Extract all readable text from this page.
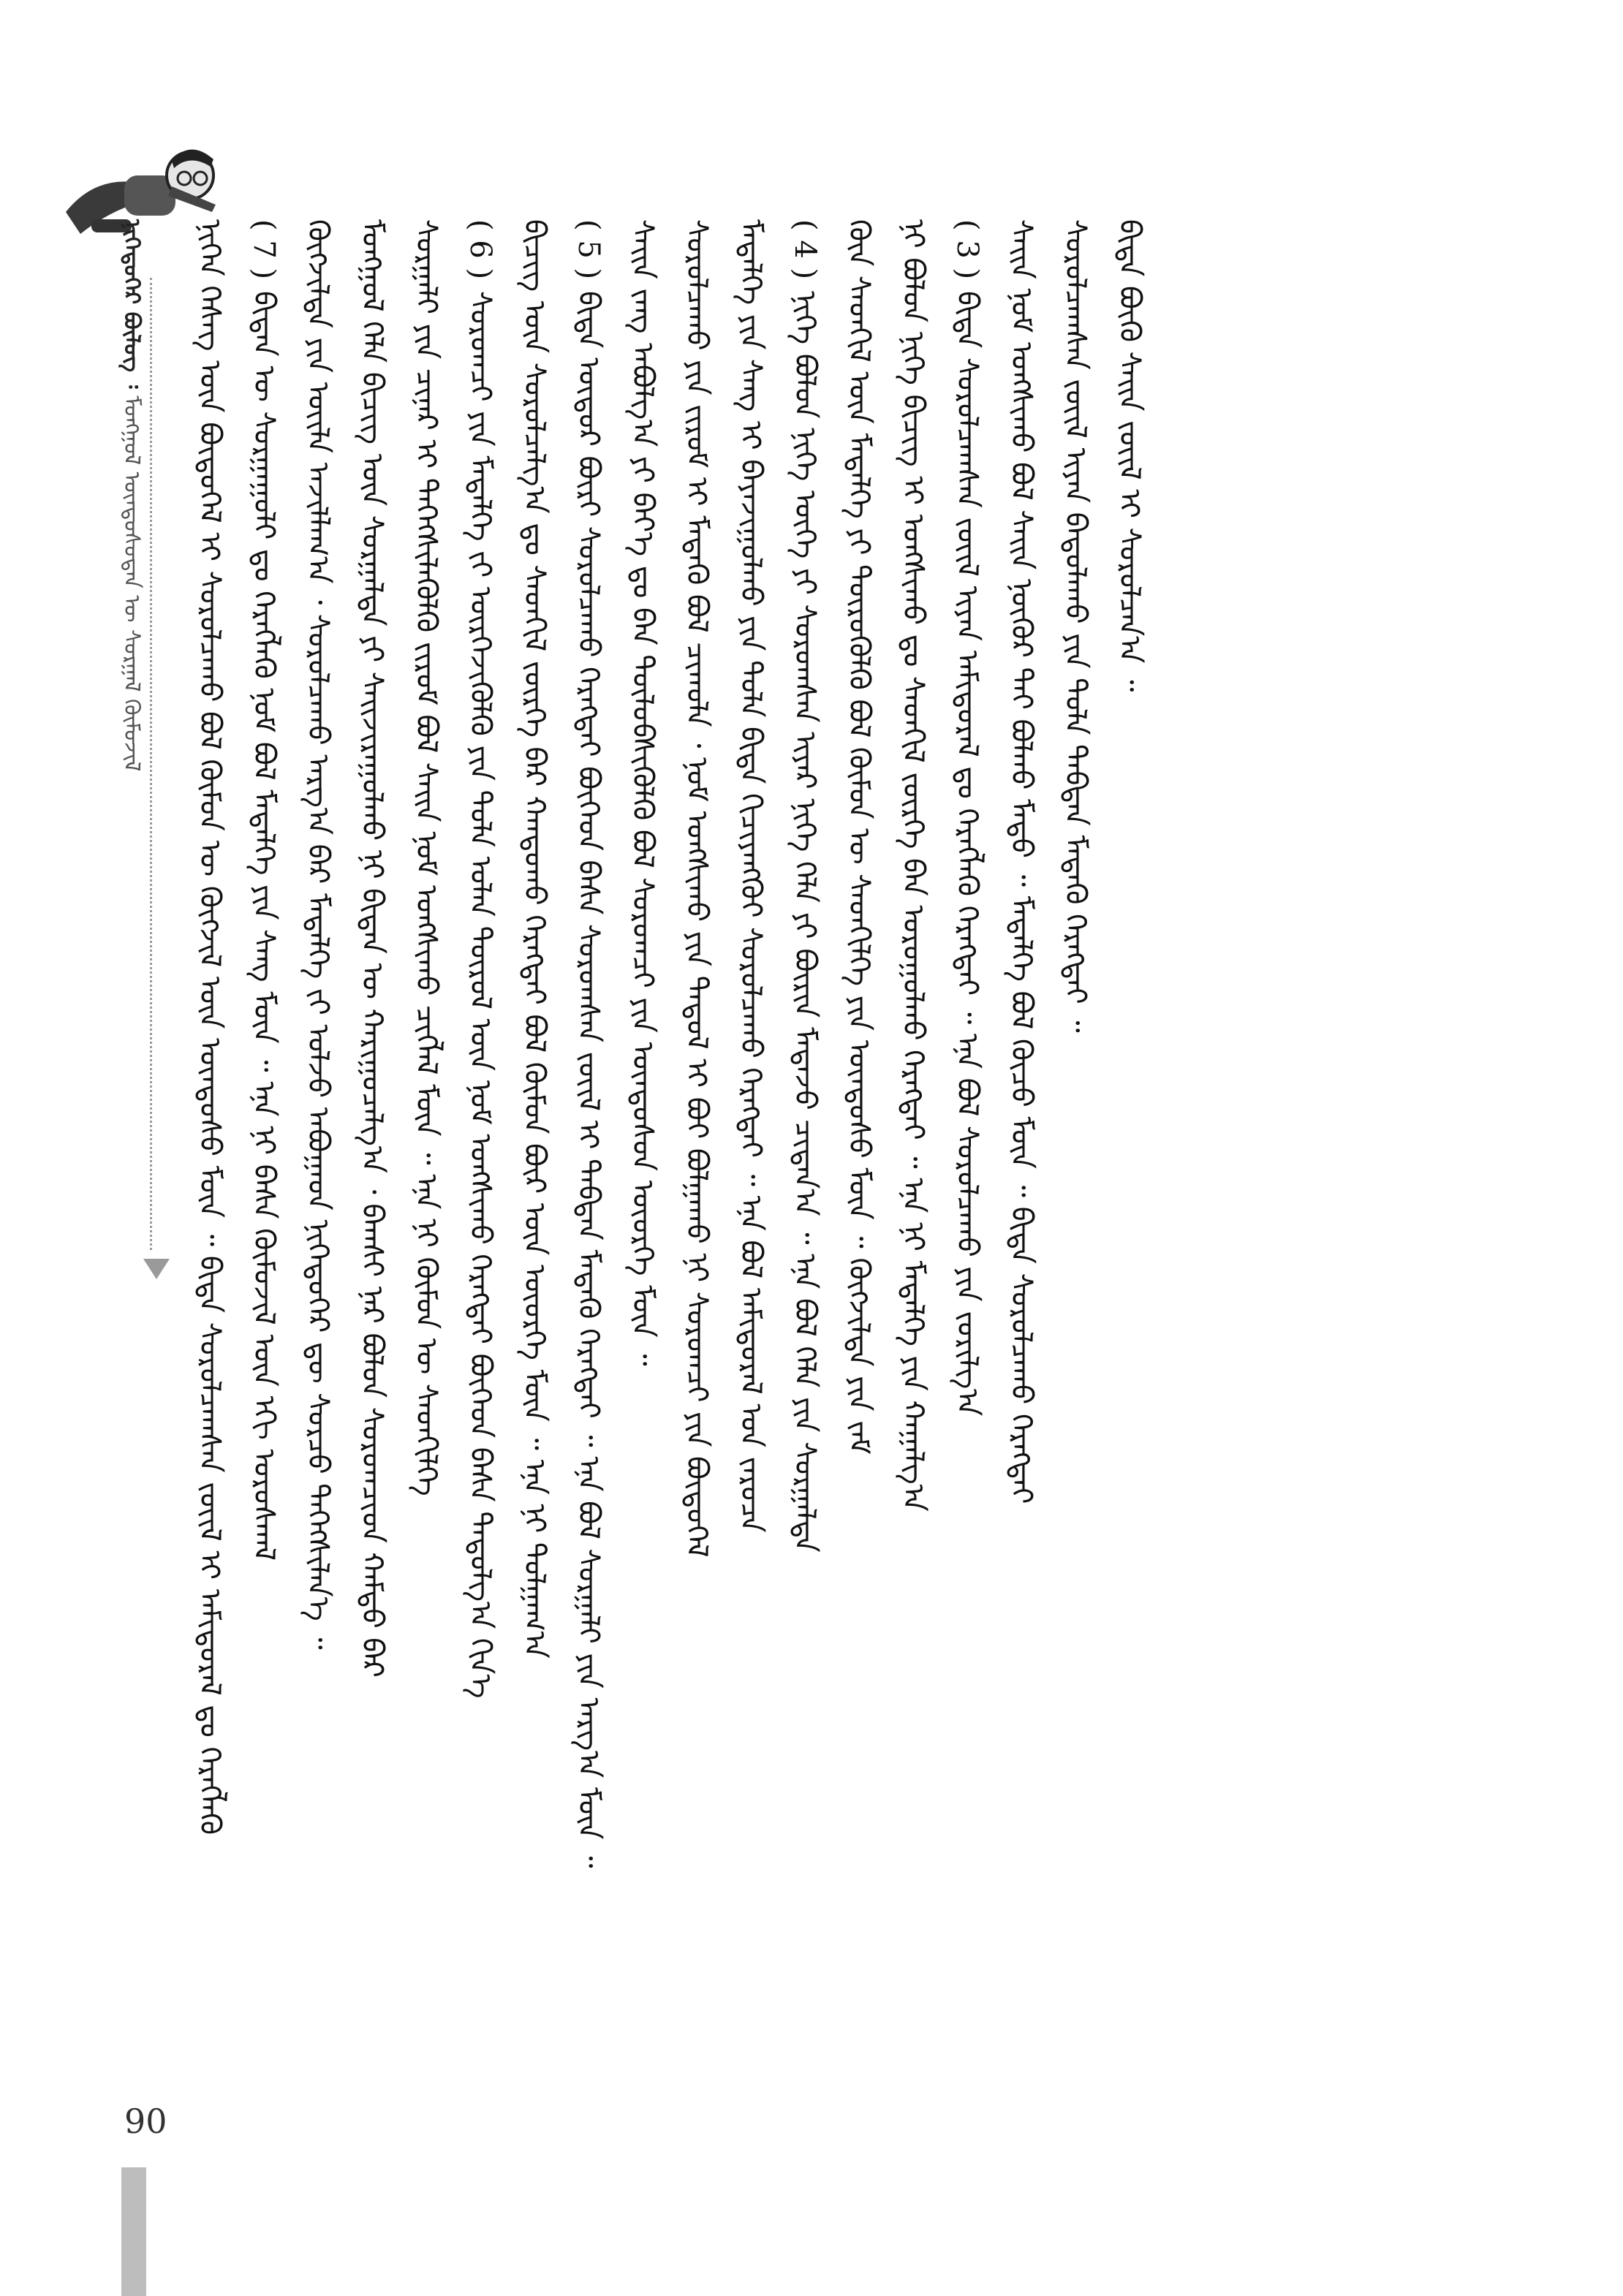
ᠨᠢᠭᠡᠳᠦᠭᠡᠷ ᠪᠦᠯᠦᠭ ᠄ ᠮᠣᠩᠭᠣᠯ ᠦᠨᠳᠦᠰᠦᠲᠡᠨ ᠦ ᠰᠤᠷᠭᠠᠯ ᠬᠦᠮᠦᠵᠢᠯ	ᠨᠢᠭᠡᠨ ᠬᠡᠰᠡᠭ ᠦᠨ ᠪᠦᠲᠦᠭᠡᠯ ᠢ ᠰᠤᠷᠤᠯᠴᠠᠬᠤ ᠪᠣᠯ ᠬᠦᠮᠦᠨ ᠦ ᠬᠥᠭᠵᠢᠯ ᠦᠨ ᠦᠨᠳᠦᠰᠦ ᠮᠥᠨ ᠃ ᠪᠢᠳᠡ ᠰᠤᠷᠤᠯᠴᠠᠭᠰᠠᠨ ᠵᠦᠢᠯ ᠢ ᠠᠮᠢᠳᠤᠷᠠᠯ ᠳᠤ ᠬᠡᠷᠡᠭᠯᠡᠬᠦ ( 7 )ᠪᠢᠳᠡᠨ ᠦ ᠰᠤᠷᠭᠠᠭᠤᠯᠢ ᠳᠤ ᠬᠡᠷᠡᠭᠯᠡᠬᠦ ᠨᠣᠮ ᠪᠤᠯ ᠮᠡᠳᠡᠯᠭᠡ ᠶᠢᠨ ᠰᠠᠩ ᠮᠥᠨ ᠃ ᠡᠨᠡ ᠨᠢ ᠪᠠᠰᠠ ᠬᠦᠮᠦᠵᠢᠯ ᠦᠨ ᠡᠬᠢ ᠤᠷᠤᠰᠬᠠᠯ ᠬᠥᠭᠵᠢᠯᠲᠡ ᠶᠢᠨ ᠦᠢᠯᠡ ᠠᠵᠢᠯᠯᠠᠭ᠎ᠠ ᠂ ᠰᠤᠷᠤᠯᠴᠠᠬᠤ ᠠᠷᠭ᠎ᠠ ᠪᠠᠷ ᠮᠡᠳᠡᠯᠭᠡ ᠵᠢ ᠣᠯᠵᠤ ᠠᠪᠤᠭᠠᠳ ᠨᠢᠭᠡᠳᠦᠭᠡᠷ ᠳᠦ ᠰᠤᠷᠴᠤ ᠳᠡᠭᠡᠭᠰᠢᠯᠡᠨ᠎ᠡ ᠃ ᠮᠣᠩᠭᠣᠯ ᠬᠡᠯᠡ ᠪᠢᠴᠢᠭ ᠦᠨ ᠰᠤᠷᠭᠠᠯᠲᠠ ᠶᠢ ᠰᠠᠢᠵᠢᠷᠠᠭᠤᠯᠬᠤ ᠨᠢ ᠪᠢᠳᠡᠨ ᠦ ᠬᠠᠷᠢᠭᠤᠴᠠᠯᠭ᠎ᠠ ᠂ ᠪᠠᠭᠰᠢ ᠨᠠᠷ ᠪᠣᠯᠤᠨ ᠰᠤᠷᠤᠭᠴᠢᠳ ᠬᠠᠮᠲᠤ ᠪᠡᠷ ᠰᠤᠷᠭᠠᠯᠢ ᠶᠢᠨ ᠴᠢᠨᠠᠷ ᠢ ᠳᠡᠭᠡᠭᠰᠢᠯᠡᠭᠦᠯᠬᠦ ᠵᠢᠷᠤᠮ ᠪᠣᠯ ᠰᠠᠢᠨ ᠨᠣᠮ ᠤᠩᠰᠢᠬᠤ ᠴᠢᠭᠯᠡᠯ ᠮᠥᠨ ᠃ ᠡᠨᠡ ᠨᠢ ᠬᠦᠮᠦᠨ ᠦ ᠰᠡᠳᠬᠢᠯᠭᠡ ( 6 )ᠰᠤᠷᠤᠭᠴᠢ ᠶᠢᠨ ᠮᠡᠳᠡᠯᠭᠡ ᠵᠢ ᠥᠷᠭᠡᠵᠢᠭᠦᠯᠬᠦ ᠶᠢᠨ ᠲᠤᠯᠠ ᠣᠯᠠᠨ ᠲᠥᠷᠦᠯ ᠦᠨ ᠨᠣᠮ ᠤᠩᠰᠢᠬᠤ ᠬᠡᠷᠡᠭᠲᠡᠢ ᠪᠥᠭᠡᠳ ᠪᠠᠰᠠ ᠳᠠᠳᠤᠯᠭ᠎ᠠ ᠬᠢᠨ᠎ᠡ ᠪᠢᠴᠢᠭ ᠦᠨ ᠰᠤᠷᠤᠯᠴᠠᠯᠭ᠎ᠠ ᠳᠤ ᠰᠡᠳᠬᠢᠯ ᠵᠦᠷᠬᠡ ᠪᠡᠷ ᠬᠠᠨᠳᠤᠬᠤ ᠬᠡᠷᠡᠭᠲᠡᠢ ᠪᠣᠯ ᠬᠦᠮᠦᠨ ᠪᠦᠷ ᠦᠨ ᠦᠦᠷᠭᠡ ᠮᠥᠨ ᠃ ᠡᠨᠡ ᠨᠢ ᠲᠤᠯᠭᠠᠭ᠎ᠠ ( 5 )ᠪᠢᠳᠡ ᠥᠳᠥᠷ ᠪᠦᠷᠢ ᠰᠤᠷᠤᠯᠴᠠᠬᠤ ᠬᠡᠷᠡᠭᠲᠡᠢ ᠪᠥᠭᠡᠳ ᠪᠠᠰᠠ ᠰᠤᠷᠤᠭᠰᠠᠨ ᠵᠦᠢᠯ ᠢ ᠳᠠᠪᠲᠠᠨ ᠮᠡᠳᠡᠬᠦ ᠬᠡᠷᠡᠭᠲᠡᠢ ᠃ ᠡᠨᠡ ᠪᠣᠯ ᠰᠤᠷᠭᠠᠯᠢ ᠶᠢᠨ ᠠᠷᠭ᠎ᠠ ᠮᠥᠨ ᠃ ᠰᠠᠢᠨ ᠵᠠᠩ ᠠᠪᠤᠯᠭ᠎ᠠ ᠶᠢ ᠪᠡᠶ᠎ᠡ ᠳᠤ ᠪᠡᠨ ᠲᠥᠯᠥᠪᠰᠢᠭᠦᠯᠬᠦ ᠪᠣᠯ ᠰᠤᠷᠤᠭᠴᠢ ᠶᠢᠨ ᠦᠨᠳᠦᠰᠦᠨ ᠦᠦᠷᠭᠡ ᠮᠥᠨ ᠃ ᠰᠤᠷᠤᠯᠴᠠᠬᠤ ᠶᠢᠨ ᠵᠢᠷᠤᠮ ᠢ ᠮᠡᠳᠡᠬᠦ ᠪᠣᠯ ᠴᠢᠬᠤᠯᠠ ᠂ ᠨᠣᠮ ᠤᠩᠰᠢᠬᠤ ᠶᠢᠨ ᠳᠠᠳᠤᠯ ᠢ ᠪᠤᠢ ᠪᠣᠯᠭᠠᠬᠤ ᠨᠢ ᠰᠤᠷᠤᠭᠴᠢ ᠶᠢᠨ ᠪᠦᠲᠦᠭᠡᠯ ᠮᠡᠳᠡᠯᠭᠡ ᠶᠢᠨ ᠰᠠᠩ ᠢ ᠪᠠᠶᠠᠵᠢᠭᠤᠯᠬᠤ ᠶᠢᠨ ᠲᠤᠯᠠ ᠪᠢᠳᠡ ᠬᠢᠴᠢᠶᠡᠩᠭᠦᠢ ᠰᠤᠷᠤᠯᠴᠠᠬᠤ ᠬᠡᠷᠡᠭᠲᠡᠢ ᠃ ᠡᠨᠡ ᠪᠣᠯ ᠠᠮᠢᠳᠤᠷᠠᠯ ᠤᠨ ᠵᠠᠷᠤᠴᠠ ( 4 )ᠨᠢᠭᠡ ᠪᠣᠯᠤᠨ ᠨᠢᠭᠡ ᠦᠭᠡ ᠶᠢ ᠰᠤᠷᠤᠭᠰᠠᠨ ᠢᠶᠡᠷ ᠨᠢᠭᠡ ᠬᠡᠯᠡ ᠶᠢ ᠪᠦᠷᠢᠨ ᠮᠡᠳᠡᠵᠦ ᠴᠢᠳᠠᠨ᠎ᠠ ᠃ ᠡᠨᠡ ᠪᠣᠯ ᠬᠡᠯᠡ ᠶᠢᠨ ᠰᠤᠷᠭᠠᠯᠲᠠ ᠭᠦᠨ ᠰᠡᠳᠬᠢᠯ ᠦᠨ ᠮᠡᠳᠡᠯᠭᠡ ᠶᠢ ᠲᠥᠷᠥᠭᠦᠯᠬᠦ ᠪᠣᠯ ᠬᠦᠮᠦᠨ ᠦ ᠰᠡᠳᠬᠢᠯᠭᠡ ᠶᠢᠨ ᠦᠨᠳᠦᠰᠦ ᠮᠥᠨ ᠃ ᠬᠥᠭᠵᠢᠯᠲᠡ ᠶᠢᠨ ᠵᠠᠮ ᠨᠢ ᠪᠣᠯᠤᠨ ᠨᠢᠭᠡ ᠪᠢᠴᠢᠭ ᠢ ᠤᠩᠰᠢᠬᠤ ᠳᠤ ᠰᠡᠳᠬᠢᠯ ᠵᠦᠷᠬᠡ ᠪᠡᠨ ᠣᠷᠣᠭᠤᠯᠬᠤ ᠬᠡᠷᠡᠭᠲᠡᠢ ᠃ ᠡᠨᠡ ᠨᠢ ᠮᠡᠳᠡᠯᠭᠡ ᠶᠢᠨ ᠬᠠᠭᠠᠯᠭ᠎ᠠ ( 3 )ᠪᠢᠳᠡ ᠰᠤᠷᠤᠯᠴᠠᠭᠰᠠᠨ ᠵᠦᠢᠯ ᠢᠶᠡᠨ ᠠᠮᠢᠳᠤᠷᠠᠯ ᠳᠤ ᠬᠡᠷᠡᠭᠯᠡᠬᠦ ᠬᠡᠷᠡᠭᠲᠡᠢ ᠃ ᠡᠨᠡ ᠪᠣᠯ ᠰᠤᠷᠤᠯᠴᠠᠬᠤ ᠶᠢᠨ ᠵᠣᠷᠢᠯᠭ᠎ᠠ ᠰᠠᠢᠨ ᠨᠣᠮ ᠤᠩᠰᠢᠬᠤ ᠪᠣᠯ ᠰᠠᠢᠨ ᠨᠦᠬᠦᠷ ᠲᠠᠢ ᠪᠣᠯᠬᠤ ᠮᠡᠲᠦ ᠃ ᠮᠡᠳᠡᠯᠭᠡ ᠪᠣᠯ ᠬᠦᠴᠦ ᠮᠥᠨ ᠃ ᠪᠢᠳᠡ ᠰᠤᠷᠤᠯᠴᠠᠬᠤ ᠬᠡᠷᠡᠭᠲᠡᠢ ᠰᠤᠷᠤᠯᠴᠠᠭᠰᠠᠨ ᠵᠦᠢᠯ ᠢᠶᠡᠨ ᠪᠠᠲᠤᠯᠠᠬᠤ ᠶᠢᠨ ᠲᠤᠯᠠ ᠳᠠᠪᠲᠠᠨ ᠮᠡᠳᠡᠬᠦ ᠬᠡᠷᠡᠭᠲᠡᠢ ᠃ ᠪᠢᠳᠡ ᠪᠦᠬᠦ ᠰᠠᠢᠨ ᠵᠦᠢᠯ ᠢ ᠰᠤᠷᠤᠯᠴᠠᠨ᠎ᠠ ᠃
90
